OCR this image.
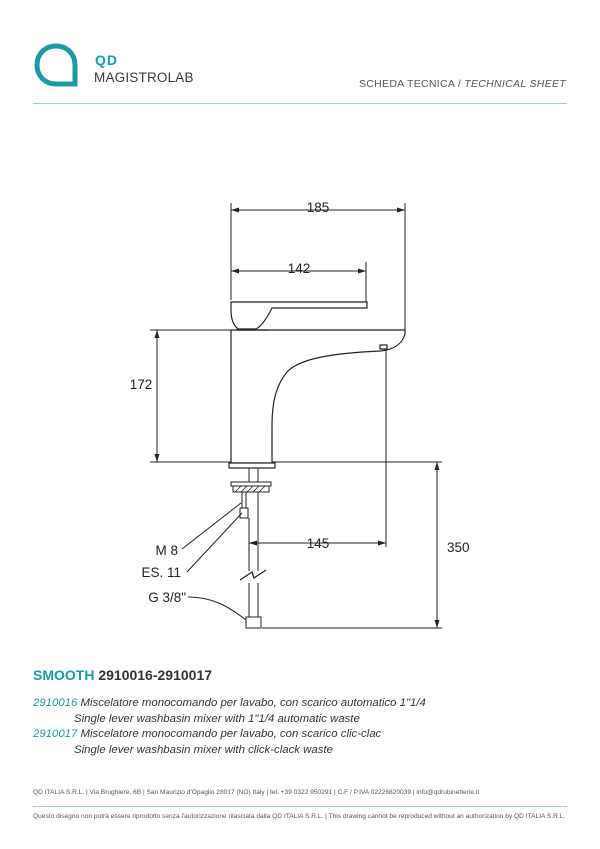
QD
MAGISTROLAB	SCHEDA TECNICA / TECHNICAL SHEET
185
142
172
145	350
M 8
ES. 11
G 3/8"
SMOOTH 2910016-2910017
2910016 Miscelatore monocomando per lavabo, con scarico automatico 1"1/4
Single lever washbasin mixer with 1"1/4 automatic waste
2910017 Miscelatore monocomando per lavabo, con scarico clic-clac
Single lever washbasin mixer with click-clack waste
QD ITALIA S.R.L. | Via Brughiere, 6B | San Maurizio d'Opaglio 28017 (NO) Italy | tel. +39 0322 950291 | C.F / P.IVA 02226820039 | info@qdrubinetterie.it
Questo disegno non potrà essere riprodotto senza l'autorizzazione rilasciata dalla QD ITALIA S.R.L. | This drawing cannot be reproduced without an authorization by QD ITALIA S.R.L.
